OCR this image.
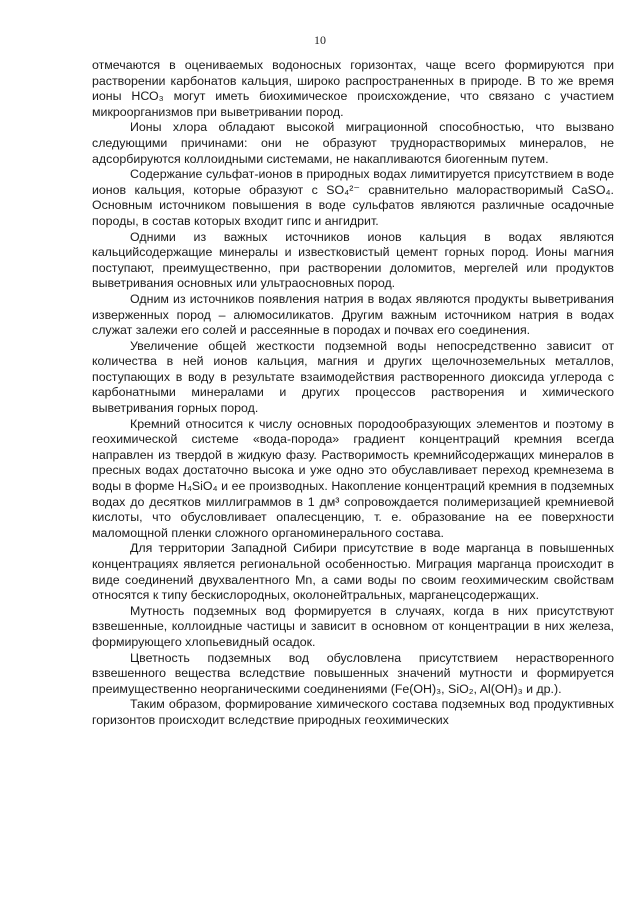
10

отмечаются в оцениваемых водоносных горизонтах, чаще всего формируются при растворении карбонатов кальция, широко распространенных в природе. В то же время ионы НСО₃ могут иметь биохимическое происхождение, что связано с участием микроорганизмов при выветривании пород.

Ионы хлора обладают высокой миграционной способностью, что вызвано следующими причинами: они не образуют труднорастворимых минералов, не адсорбируются коллоидными системами, не накапливаются биогенным путем.

Содержание сульфат-ионов в природных водах лимитируется присутствием в воде ионов кальция, которые образуют с SO₄²⁻ сравнительно малорастворимый CaSO₄. Основным источником повышения в воде сульфатов являются различные осадочные породы, в состав которых входит гипс и ангидрит.

Одними из важных источников ионов кальция в водах являются кальцийсодержащие минералы и известковистый цемент горных пород. Ионы магния поступают, преимущественно, при растворении доломитов, мергелей или продуктов выветривания основных или ультраосновных пород.

Одним из источников появления натрия в водах являются продукты выветривания изверженных пород – алюмосиликатов. Другим важным источником натрия в водах служат залежи его солей и рассеянные в породах и почвах его соединения.

Увеличение общей жесткости подземной воды непосредственно зависит от количества в ней ионов кальция, магния и других щелочноземельных металлов, поступающих в воду в результате взаимодействия растворенного диоксида углерода с карбонатными минералами и других процессов растворения и химического выветривания горных пород.

Кремний относится к числу основных породообразующих элементов и поэтому в геохимической системе «вода-порода» градиент концентраций кремния всегда направлен из твердой в жидкую фазу. Растворимость кремнийсодержащих минералов в пресных водах достаточно высока и уже одно это обуславливает переход кремнезема в воды в форме H₄SiO₄ и ее производных. Накопление концентраций кремния в подземных водах до десятков миллиграммов в 1 дм³ сопровождается полимеризацией кремниевой кислоты, что обусловливает опалесценцию, т. е. образование на ее поверхности маломощной пленки сложного органоминерального состава.

Для территории Западной Сибири присутствие в воде марганца в повышенных концентрациях является региональной особенностью. Миграция марганца происходит в виде соединений двухвалентного Mn, а сами воды по своим геохимическим свойствам относятся к типу бескислородных, околонейтральных, марганецсодержащих.

Мутность подземных вод формируется в случаях, когда в них присутствуют взвешенные, коллоидные частицы и зависит в основном от концентрации в них железа, формирующего хлопьевидный осадок.

Цветность подземных вод обусловлена присутствием нерастворенного взвешенного вещества вследствие повышенных значений мутности и формируется преимущественно неорганическими соединениями (Fe(OH)₃, SiO₂, Al(OH)₃ и др.).

Таким образом, формирование химического состава подземных вод продуктивных горизонтов происходит вследствие природных геохимических
